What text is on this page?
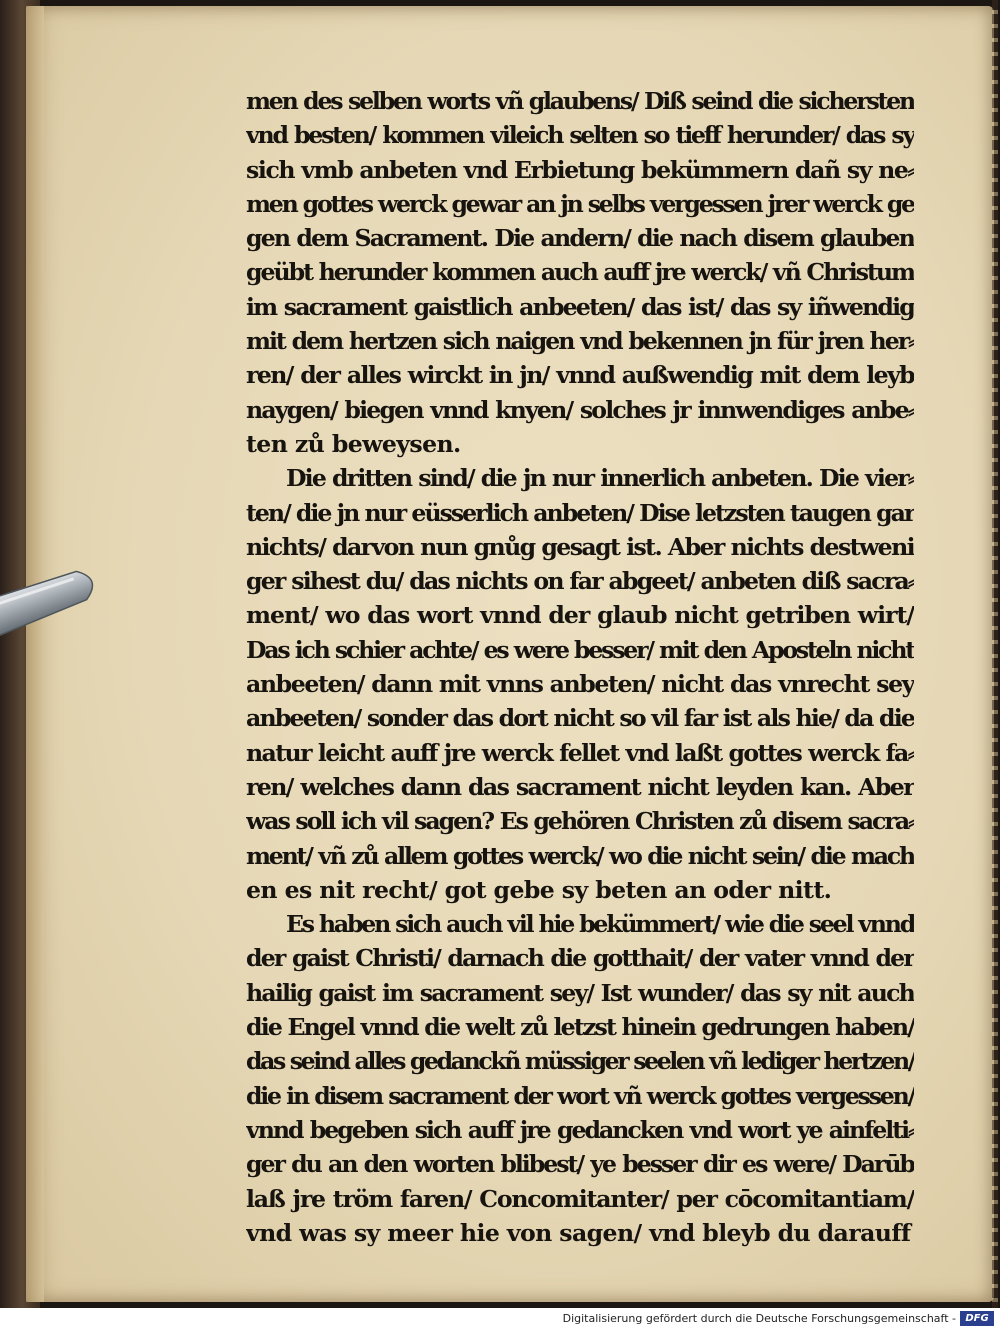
men des selben worts vñ glaubens/ Diß seind die sichersten
vnd besten/ kommen vileich selten so tieff herunder/ das sy
sich vmb anbeten vnd Erbietung bekümmern dañ sy ne⸗
men gottes werck gewar an jn selbs vergessen jrer werck ge
gen dem Sacrament. Die andern/ die nach disem glauben
geübt herunder kommen auch auff jre werck/ vñ Christum
im sacrament gaistlich anbeeten/ das ist/ das sy iñwendig
mit dem hertzen sich naigen vnd bekennen jn für jren her⸗
ren/ der alles wirckt in jn/ vnnd außwendig mit dem leyb
naygen/ biegen vnnd knyen/ solches jr innwendiges anbe⸗
ten zů beweysen.
Die dritten sind/ die jn nur innerlich anbeten. Die vier⸗
ten/ die jn nur eüsserlich anbeten/ Dise letzsten taugen gar
nichts/ darvon nun gnůg gesagt ist. Aber nichts destweni
ger sihest du/ das nichts on far abgeet/ anbeten diß sacra⸗
ment/ wo das wort vnnd der glaub nicht getriben wirt/
Das ich schier achte/ es were besser/ mit den Aposteln nicht
anbeeten/ dann mit vnns anbeten/ nicht das vnrecht sey
anbeeten/ sonder das dort nicht so vil far ist als hie/ da die
natur leicht auff jre werck fellet vnd laßt gottes werck fa⸗
ren/ welches dann das sacrament nicht leyden kan. Aber
was soll ich vil sagen? Es gehören Christen zů disem sacra⸗
ment/ vñ zů allem gottes werck/ wo die nicht sein/ die mach
en es nit recht/ got gebe sy beten an oder nitt.
Es haben sich auch vil hie bekümmert/ wie die seel vnnd
der gaist Christi/ darnach die gotthait/ der vater vnnd der
hailig gaist im sacrament sey/ Ist wunder/ das sy nit auch
die Engel vnnd die welt zů letzst hinein gedrungen haben/
das seind alles gedanckñ müssiger seelen vñ lediger hertzen/
die in disem sacrament der wort vñ werck gottes vergessen/
vnnd begeben sich auff jre gedancken vnd wort ye ainfelti⸗
ger du an den worten blibest/ ye besser dir es were/ Darūb
laß jre tröm faren/ Concomitanter/ per cōcomitantiam/
vnd was sy meer hie von sagen/ vnd bleyb du darauff
Digitalisierung gefördert durch die Deutsche Forschungsgemeinschaft - DFG
